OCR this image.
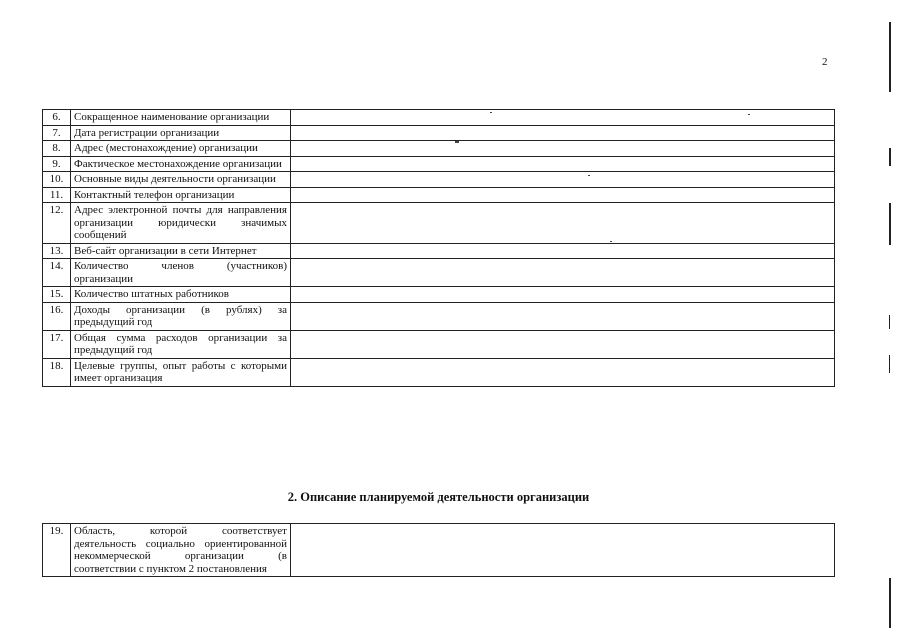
2
6.	Сокращенное наименование организации	
7.	Дата регистрации организации	
8.	Адрес (местонахождение) организации	
9.	Фактическое местонахождение организации	
10.	Основные виды деятельности организации	
11.	Контактный телефон организации	
12.	Адрес электронной почты для направления организации юридически значимых сообщений	
13.	Веб-сайт организации в сети Интернет	
14.	Количество членов (участников) организации	
15.	Количество штатных работников	
16.	Доходы организации (в рублях) за предыдущий год	
17.	Общая сумма расходов организации за предыдущий год	
18.	Целевые группы, опыт работы с которыми имеет организация	
2. Описание планируемой деятельности организации
19.	Область, которой соответствует деятельность социально ориентированной некоммерческой организации (в соответствии с пунктом 2 постановления	
